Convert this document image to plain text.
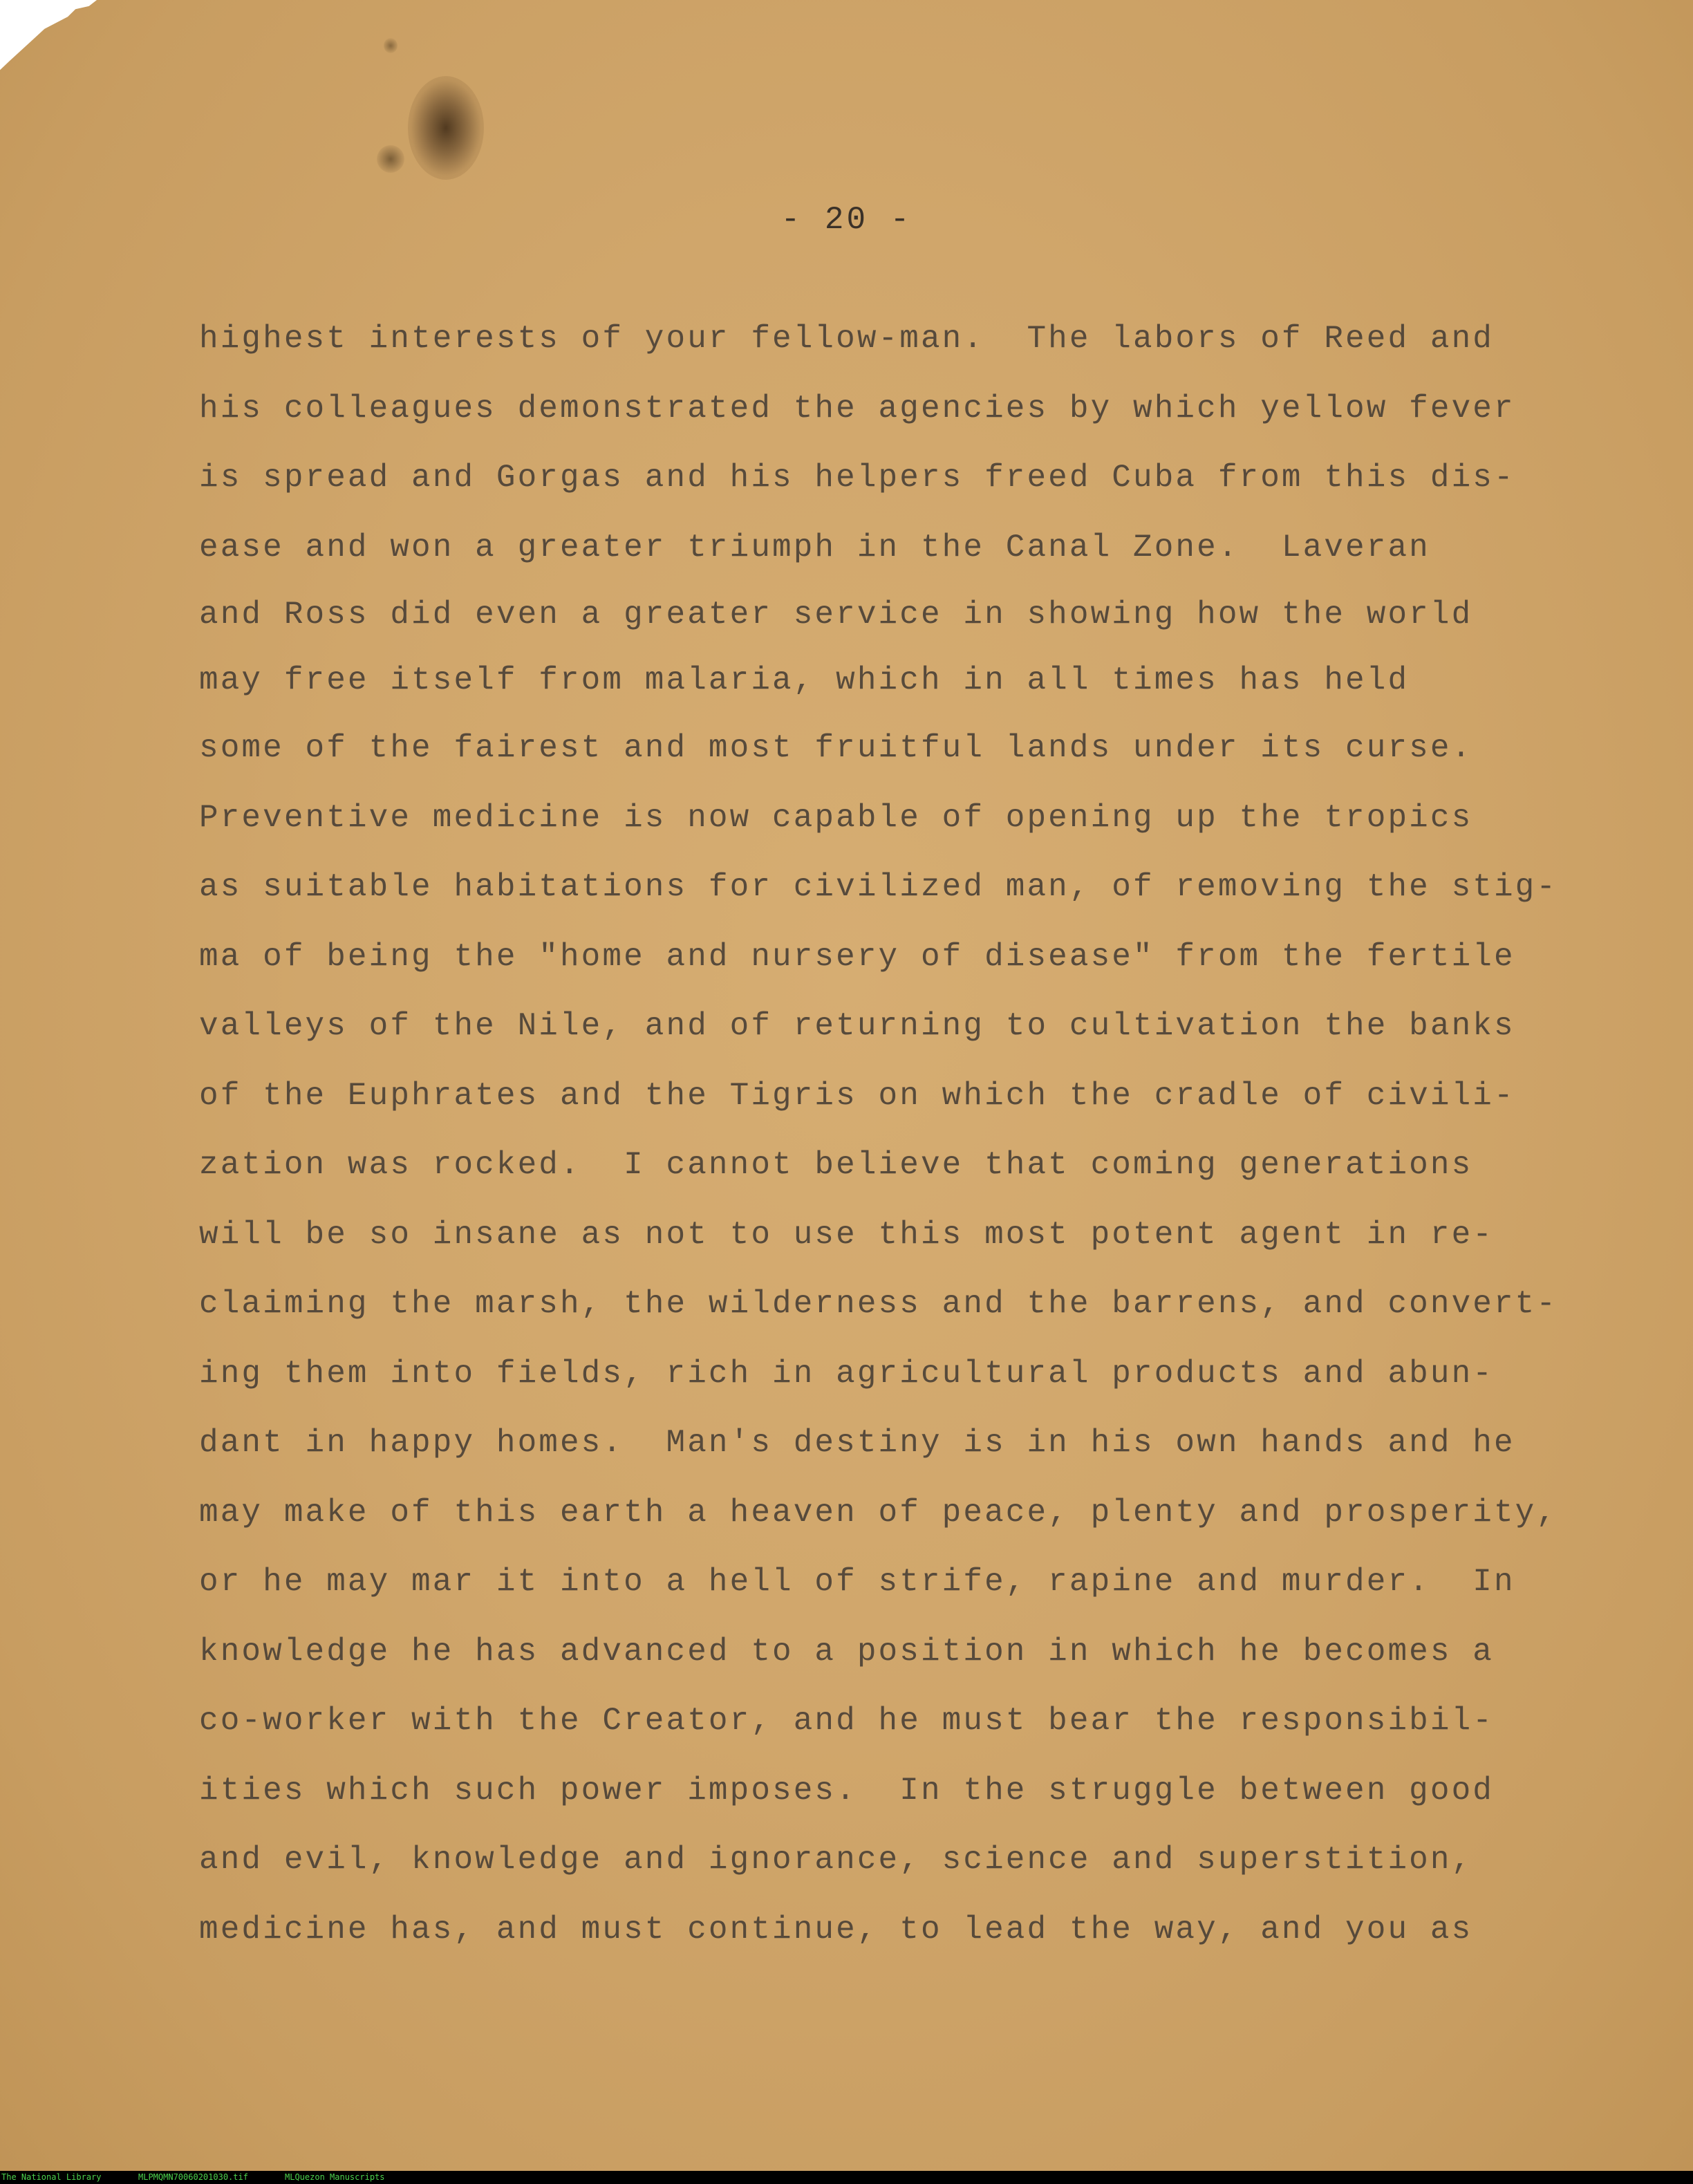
- 20 -
highest interests of your fellow-man.  The labors of Reed and
his colleagues demonstrated the agencies by which yellow fever
is spread and Gorgas and his helpers freed Cuba from this dis-
ease and won a greater triumph in the Canal Zone.  Laveran
and Ross did even a greater service in showing how the world
may free itself from malaria, which in all times has held
some of the fairest and most fruitful lands under its curse.
Preventive medicine is now capable of opening up the tropics
as suitable habitations for civilized man, of removing the stig-
ma of being the "home and nursery of disease" from the fertile
valleys of the Nile, and of returning to cultivation the banks
of the Euphrates and the Tigris on which the cradle of civili-
zation was rocked.  I cannot believe that coming generations
will be so insane as not to use this most potent agent in re-
claiming the marsh, the wilderness and the barrens, and convert-
ing them into fields, rich in agricultural products and abun-
dant in happy homes.  Man's destiny is in his own hands and he
may make of this earth a heaven of peace, plenty and prosperity,
or he may mar it into a hell of strife, rapine and murder.  In
knowledge he has advanced to a position in which he becomes a
co-worker with the Creator, and he must bear the responsibil-
ities which such power imposes.  In the struggle between good
and evil, knowledge and ignorance, science and superstition,
medicine has, and must continue, to lead the way, and you as
The National Library	MLPMQMN70060201030.tif	MLQuezon Manuscripts
